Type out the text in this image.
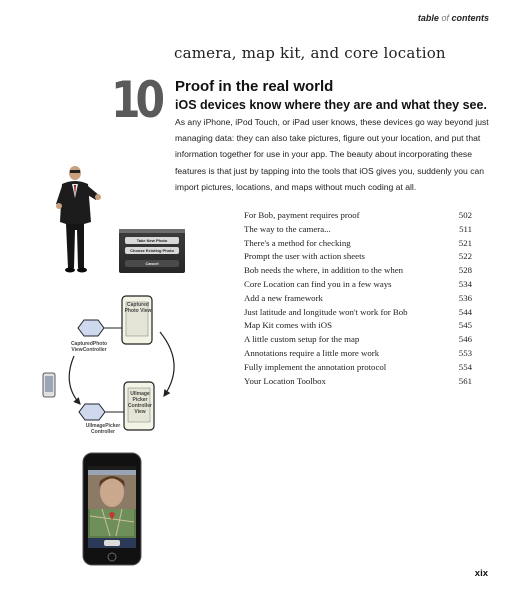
table of contents
camera, map kit, and core location
10 Proof in the real world
iOS devices know where they are and what they see.
As any iPhone, iPod Touch, or iPad user knows, these devices go way beyond just managing data: they can also take pictures, figure out your location, and put that information together for use in your app. The beauty about incorporating these features is that just by tapping into the tools that iOS gives you, suddenly you can import pictures, locations, and maps without much coding at all.
For Bob, payment requires proof	502
The way to the camera...	511
There's a method for checking	521
Prompt the user with action sheets	522
Bob needs the where, in addition to the when	528
Core Location can find you in a few ways	534
Add a new framework	536
Just latitude and longitude won't work for Bob	544
Map Kit comes with iOS	545
A little custom setup for the map	546
Annotations require a little more work	553
Fully implement the annotation protocol	554
Your Location Toolbox	561
Take New Photo
Choose Existing Photo
Cancel
Captured Photo View
CapturedPhoto ViewController
UIImage Picker Controller View
UIImagePicker Controller
xix
